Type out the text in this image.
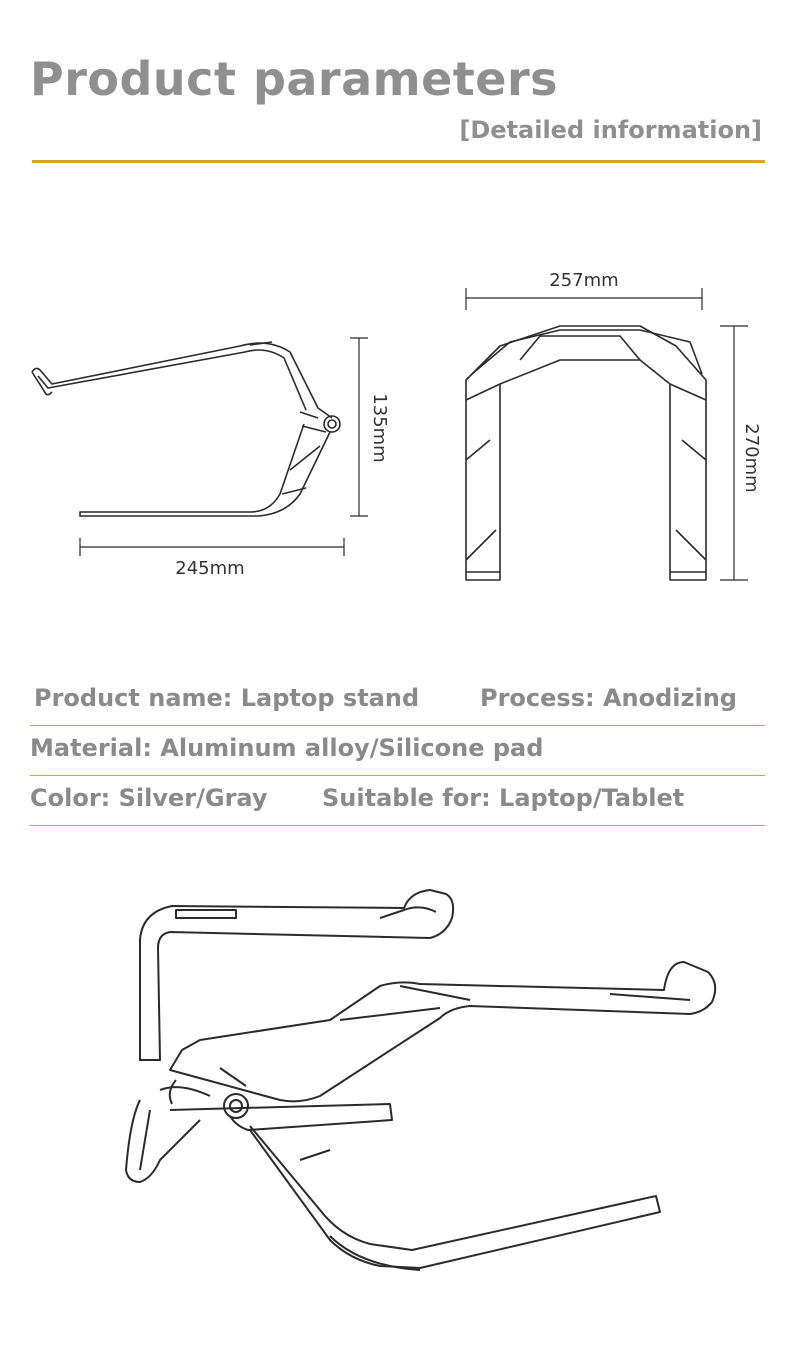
Product parameters
[Detailed information]
245mm
135mm
257mm
270mm
Product name: Laptop stand	Process: Anodizing
Material: Aluminum alloy/Silicone pad
Color: Silver/Gray Suitable for: Laptop/Tablet
